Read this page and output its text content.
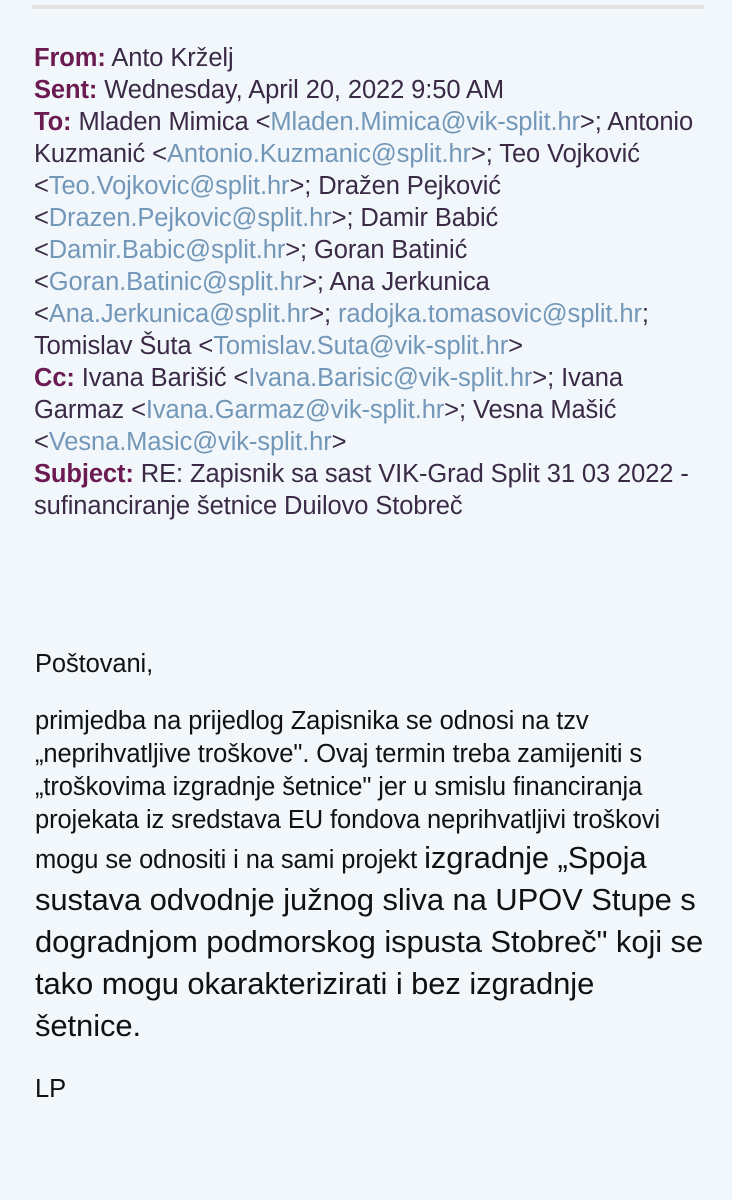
From: Anto Krželj
Sent: Wednesday, April 20, 2022 9:50 AM
To: Mladen Mimica <Mladen.Mimica@vik-split.hr>; Antonio Kuzmanić <Antonio.Kuzmanic@split.hr>; Teo Vojković <Teo.Vojkovic@split.hr>; Dražen Pejković <Drazen.Pejkovic@split.hr>; Damir Babić <Damir.Babic@split.hr>; Goran Batinić <Goran.Batinic@split.hr>; Ana Jerkunica <Ana.Jerkunica@split.hr>; radojka.tomasovic@split.hr; Tomislav Šuta <Tomislav.Suta@vik-split.hr>
Cc: Ivana Barišić <Ivana.Barisic@vik-split.hr>; Ivana Garmaz <Ivana.Garmaz@vik-split.hr>; Vesna Mašić <Vesna.Masic@vik-split.hr>
Subject: RE: Zapisnik sa sast VIK-Grad Split 31 03 2022 - sufinanciranje šetnice Duilovo Stobreč

Poštovani,

primjedba na prijedlog Zapisnika se odnosi na tzv „neprihvatljive troškove". Ovaj termin treba zamijeniti s „troškovima izgradnje šetnice" jer u smislu financiranja projekata iz sredstava EU fondova neprihvatljivi troškovi mogu se odnositi i na sami projekt izgradnje „Spoja sustava odvodnje južnog sliva na UPOV Stupe s dogradnjom podmorskog ispusta Stobreč" koji se tako mogu okarakterizirati i bez izgradnje šetnice.

LP
